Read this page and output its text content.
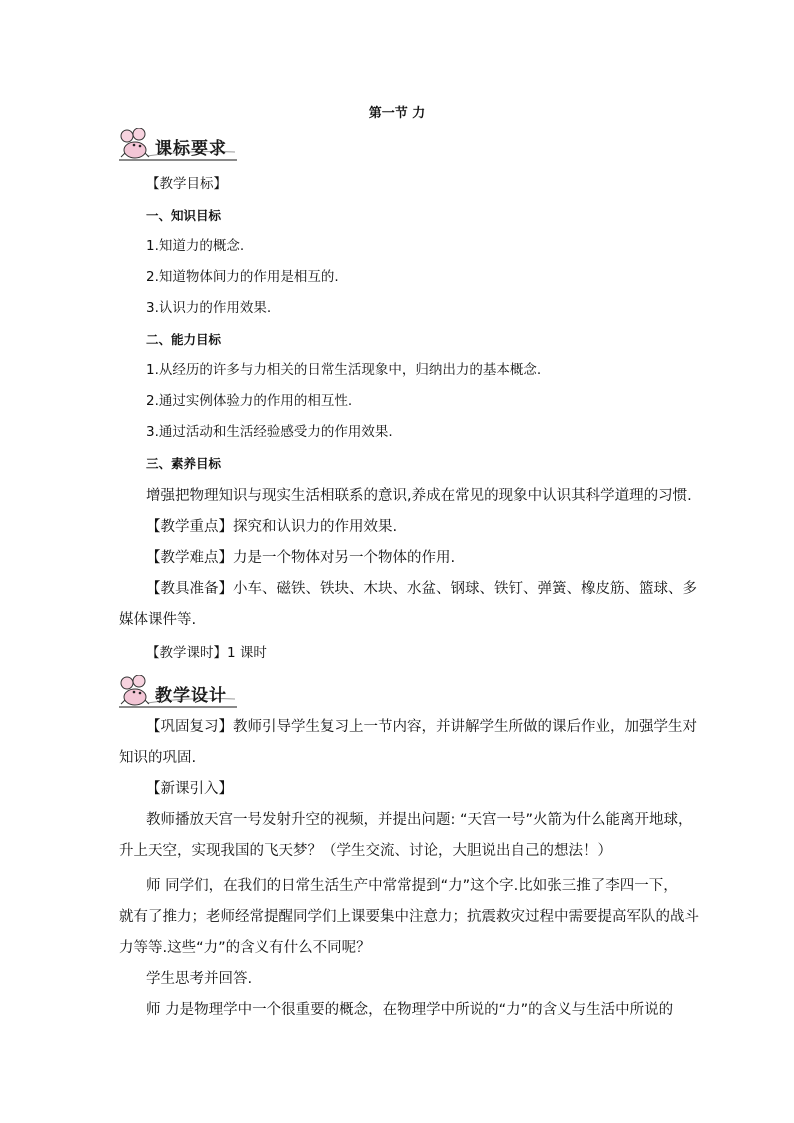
第一节 力
课标要求
教学设计
【教学目标】
一、知识目标
1.知道力的概念.
2.知道物体间力的作用是相互的.
3.认识力的作用效果.
二、能力目标
1.从经历的许多与力相关的日常生活现象中，归纳出力的基本概念.
2.通过实例体验力的作用的相互性.
3.通过活动和生活经验感受力的作用效果.
三、素养目标
增强把物理知识与现实生活相联系的意识,养成在常见的现象中认识其科学道理的习惯.
【教学重点】探究和认识力的作用效果.
【教学难点】力是一个物体对另一个物体的作用.
【教具准备】小车、磁铁、铁块、木块、水盆、钢球、铁钉、弹簧、橡皮筋、篮球、多
媒体课件等.
【教学课时】1 课时
【巩固复习】教师引导学生复习上一节内容，并讲解学生所做的课后作业，加强学生对
知识的巩固.
【新课引入】
教师播放天宫一号发射升空的视频，并提出问题: “天宫一号”火箭为什么能离开地球，
升上天空，实现我国的飞天梦？（学生交流、讨论，大胆说出自己的想法！）
师 同学们，在我们的日常生活生产中常常提到“力”这个字.比如张三推了李四一下，
就有了推力；老师经常提醒同学们上课要集中注意力；抗震救灾过程中需要提高军队的战斗
力等等.这些“力”的含义有什么不同呢？
学生思考并回答.
师 力是物理学中一个很重要的概念，在物理学中所说的“力”的含义与生活中所说的
